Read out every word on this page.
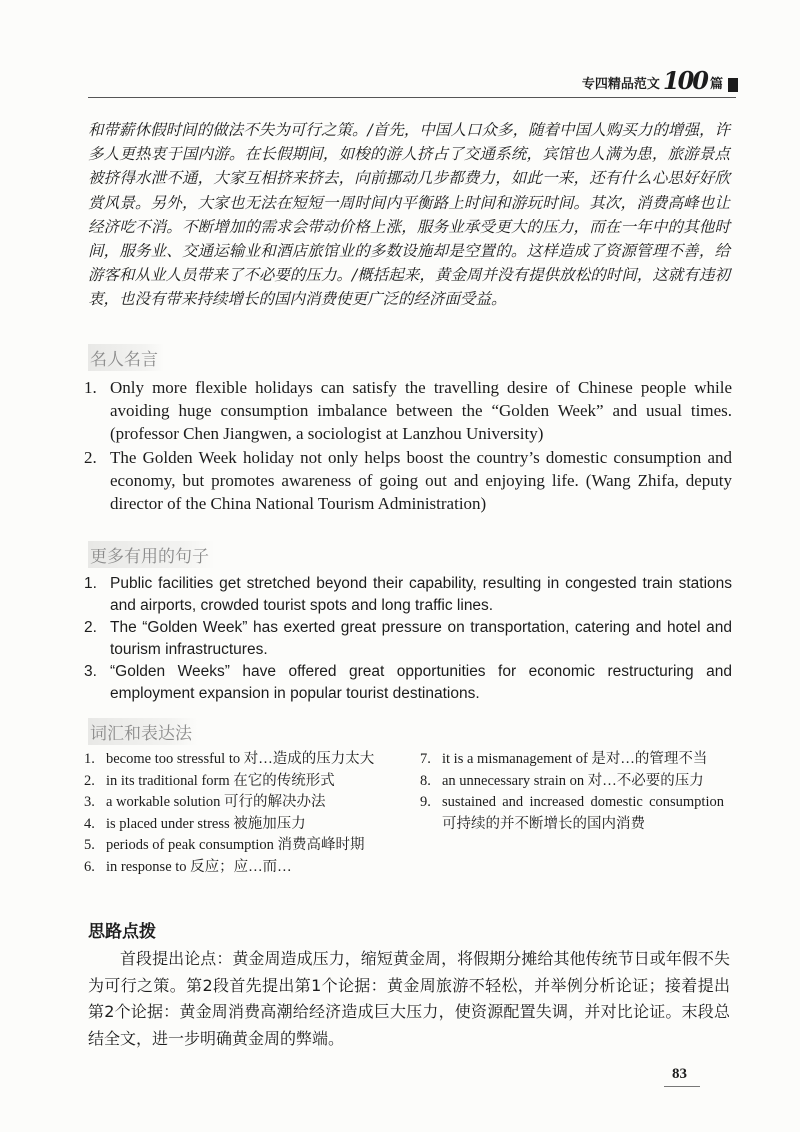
专四精品范文 100 篇
和带薪休假时间的做法不失为可行之策。/首先，中国人口众多，随着中国人购买力的增强，许多人更热衷于国内游。在长假期间，如梭的游人挤占了交通系统，宾馆也人满为患，旅游景点被挤得水泄不通，大家互相挤来挤去，向前挪动几步都费力，如此一来，还有什么心思好好欣赏风景。另外，大家也无法在短短一周时间内平衡路上时间和游玩时间。其次，消费高峰也让经济吃不消。不断增加的需求会带动价格上涨，服务业承受更大的压力，而在一年中的其他时间，服务业、交通运输业和酒店旅馆业的多数设施却是空置的。这样造成了资源管理不善，给游客和从业人员带来了不必要的压力。/概括起来，黄金周并没有提供放松的时间，这就有违初衷，也没有带来持续增长的国内消费使更广泛的经济面受益。
名人名言
1. Only more flexible holidays can satisfy the travelling desire of Chinese people while avoiding huge consumption imbalance between the “Golden Week” and usual times. (professor Chen Jiangwen, a sociologist at Lanzhou University)
2. The Golden Week holiday not only helps boost the country’s domestic consumption and economy, but promotes awareness of going out and enjoying life. (Wang Zhifa, deputy director of the China National Tourism Administration)
更多有用的句子
1. Public facilities get stretched beyond their capability, resulting in congested train stations and airports, crowded tourist spots and long traffic lines.
2. The “Golden Week” has exerted great pressure on transportation, catering and hotel and tourism infrastructures.
3. “Golden Weeks” have offered great opportunities for economic restructuring and employment expansion in popular tourist destinations.
词汇和表达法
1. become too stressful to 对…造成的压力太大
2. in its traditional form 在它的传统形式
3. a workable solution 可行的解决办法
4. is placed under stress 被施加压力
5. periods of peak consumption 消费高峰时期
6. in response to 反应；应…而…
7. it is a mismanagement of 是对…的管理不当
8. an unnecessary strain on 对…不必要的压力
9. sustained and increased domestic consumption 可持续的并不断增长的国内消费
思路点拨
首段提出论点：黄金周造成压力，缩短黄金周，将假期分摊给其他传统节日或年假不失为可行之策。第2段首先提出第1个论据：黄金周旅游不轻松，并举例分析论证；接着提出第2个论据：黄金周消费高潮给经济造成巨大压力，使资源配置失调，并对比论证。末段总结全文，进一步明确黄金周的弊端。
83
